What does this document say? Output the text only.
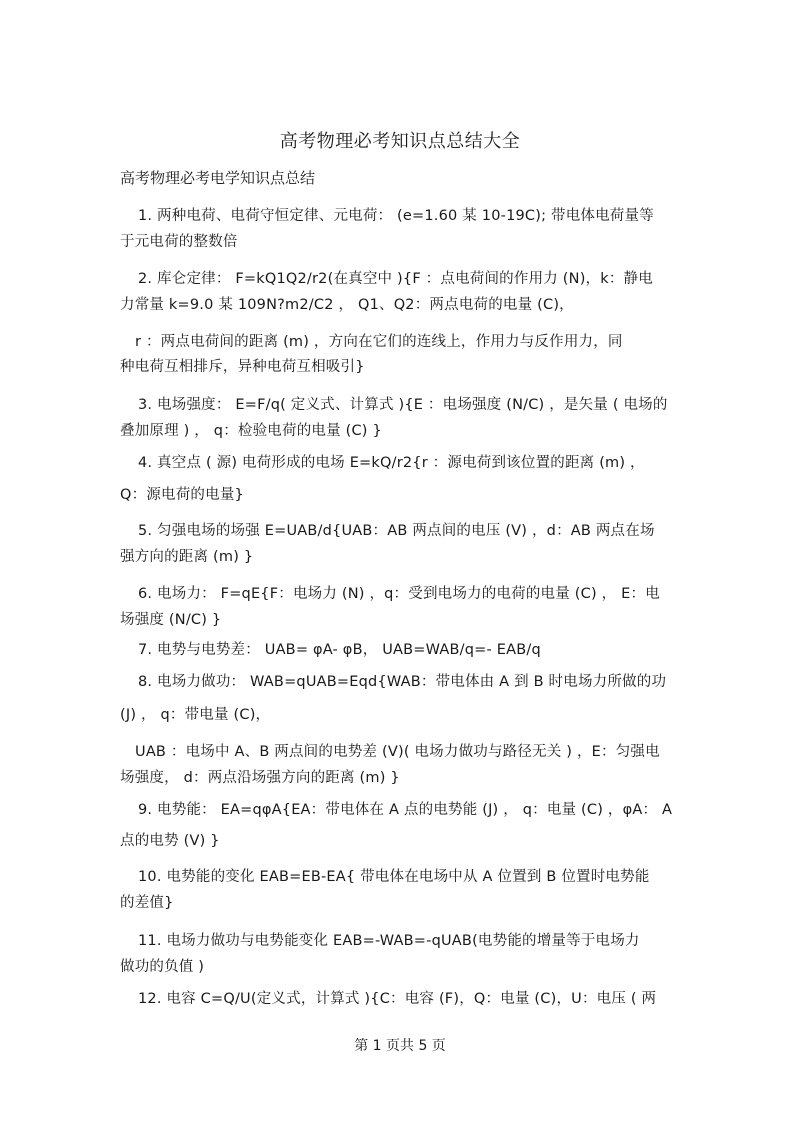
高考物理必考知识点总结大全
高考物理必考电学知识点总结
1. 两种电荷、电荷守恒定律、元电荷： (e=1.60 某 10-19C); 带电体电荷量等
于元电荷的整数倍
2. 库仑定律： F=kQ1Q2/r2(在真空中 ){F ：点电荷间的作用力 (N)，k：静电
力常量 k=9.0 某 109N?m2/C2 ， Q1、Q2：两点电荷的电量 (C)，
r ：两点电荷间的距离 (m) ，方向在它们的连线上，作用力与反作用力，同
种电荷互相排斥，异种电荷互相吸引}
3. 电场强度： E=F/q( 定义式、计算式 ){E ：电场强度 (N/C) ，是矢量 ( 电场的
叠加原理 ) ， q：检验电荷的电量 (C) }
4. 真空点 ( 源) 电荷形成的电场 E=kQ/r2{r ：源电荷到该位置的距离 (m) ，
Q：源电荷的电量}
5. 匀强电场的场强 E=UAB/d{UAB：AB 两点间的电压 (V) ，d：AB 两点在场
强方向的距离 (m) }
6. 电场力： F=qE{F：电场力 (N) ，q：受到电场力的电荷的电量 (C) ， E：电
场强度 (N/C) }
7. 电势与电势差： UAB= φA- φB， UAB=WAB/q=- EAB/q
8. 电场力做功： WAB=qUAB=Eqd{WAB：带电体由 A 到 B 时电场力所做的功
(J) ， q：带电量 (C)，
UAB ：电场中 A、B 两点间的电势差 (V)( 电场力做功与路径无关 ) ，E：匀强电
场强度， d：两点沿场强方向的距离 (m) }
9. 电势能： EA=qφA{EA：带电体在 A 点的电势能 (J) ， q：电量 (C) ，φA： A
点的电势 (V) }
10. 电势能的变化 EAB=EB-EA{ 带电体在电场中从 A 位置到 B 位置时电势能
的差值}
11. 电场力做功与电势能变化 EAB=-WAB=-qUAB(电势能的增量等于电场力
做功的负值 )
12. 电容 C=Q/U(定义式，计算式 ){C：电容 (F)，Q：电量 (C)，U：电压 ( 两
第 1 页共 5 页
